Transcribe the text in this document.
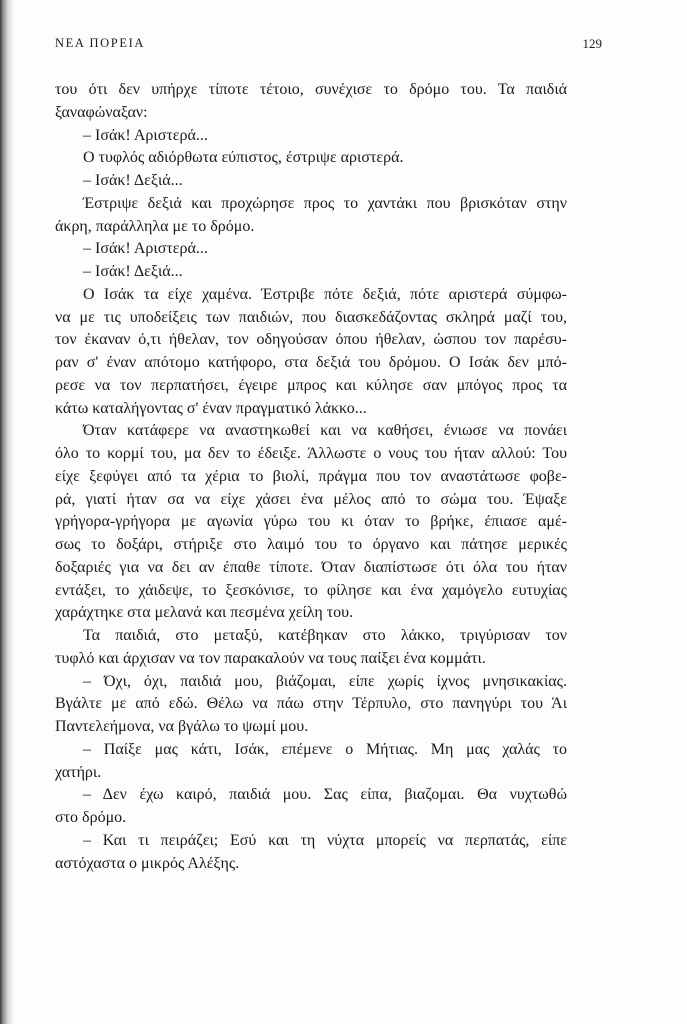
ΝΕΑ ΠΟΡΕΙΑ	129
του ότι δεν υπήρχε τίποτε τέτοιο, συνέχισε το δρόμο του. Τα παιδιά
ξαναφώναξαν:
– Ισάκ! Αριστερά...
Ο τυφλός αδιόρθωτα εύπιστος, έστριψε αριστερά.
– Ισάκ! Δεξιά...
Έστριψε δεξιά και προχώρησε προς το χαντάκι που βρισκόταν στην
άκρη, παράλληλα με το δρόμο.
– Ισάκ! Αριστερά...
– Ισάκ! Δεξιά...
Ο Ισάκ τα είχε χαμένα. Έστριβε πότε δεξιά, πότε αριστερά σύμφω-
να με τις υποδείξεις των παιδιών, που διασκεδάζοντας σκληρά μαζί του,
τον έκαναν ό,τι ήθελαν, τον οδηγούσαν όπου ήθελαν, ώσπου τον παρέσυ-
ραν σ' έναν απότομο κατήφορο, στα δεξιά του δρόμου. Ο Ισάκ δεν μπό-
ρεσε να τον περπατήσει, έγειρε μπρος και κύλησε σαν μπόγος προς τα
κάτω καταλήγοντας σ' έναν πραγματικό λάκκο...
Όταν κατάφερε να αναστηκωθεί και να καθήσει, ένιωσε να πονάει
όλο το κορμί του, μα δεν το έδειξε. Άλλωστε ο νους του ήταν αλλού: Του
είχε ξεφύγει από τα χέρια το βιολί, πράγμα που τον αναστάτωσε φοβε-
ρά, γιατί ήταν σα να είχε χάσει ένα μέλος από το σώμα του. Έψαξε
γρήγορα-γρήγορα με αγωνία γύρω του κι όταν το βρήκε, έπιασε αμέ-
σως το δοξάρι, στήριξε στο λαιμό του το όργανο και πάτησε μερικές
δοξαριές για να δει αν έπαθε τίποτε. Όταν διαπίστωσε ότι όλα του ήταν
εντάξει, το χάιδεψε, το ξεσκόνισε, το φίλησε και ένα χαμόγελο ευτυχίας
χαράχτηκε στα μελανά και πεσμένα χείλη του.
Τα παιδιά, στο μεταξύ, κατέβηκαν στο λάκκο, τριγύρισαν τον
τυφλό και άρχισαν να τον παρακαλούν να τους παίξει ένα κομμάτι.
– Όχι, όχι, παιδιά μου, βιάζομαι, είπε χωρίς ίχνος μνησικακίας.
Βγάλτε με από εδώ. Θέλω να πάω στην Τέρπυλο, στο πανηγύρι του Άι
Παντελεήμονα, να βγάλω το ψωμί μου.
– Παίξε μας κάτι, Ισάκ, επέμενε ο Μήτιας. Μη μας χαλάς το
χατήρι.
– Δεν έχω καιρό, παιδιά μου. Σας είπα, βιαζομαι. Θα νυχτωθώ
στο δρόμο.
– Και τι πειράζει; Εσύ και τη νύχτα μπορείς να περπατάς, είπε
αστόχαστα ο μικρός Αλέξης.
